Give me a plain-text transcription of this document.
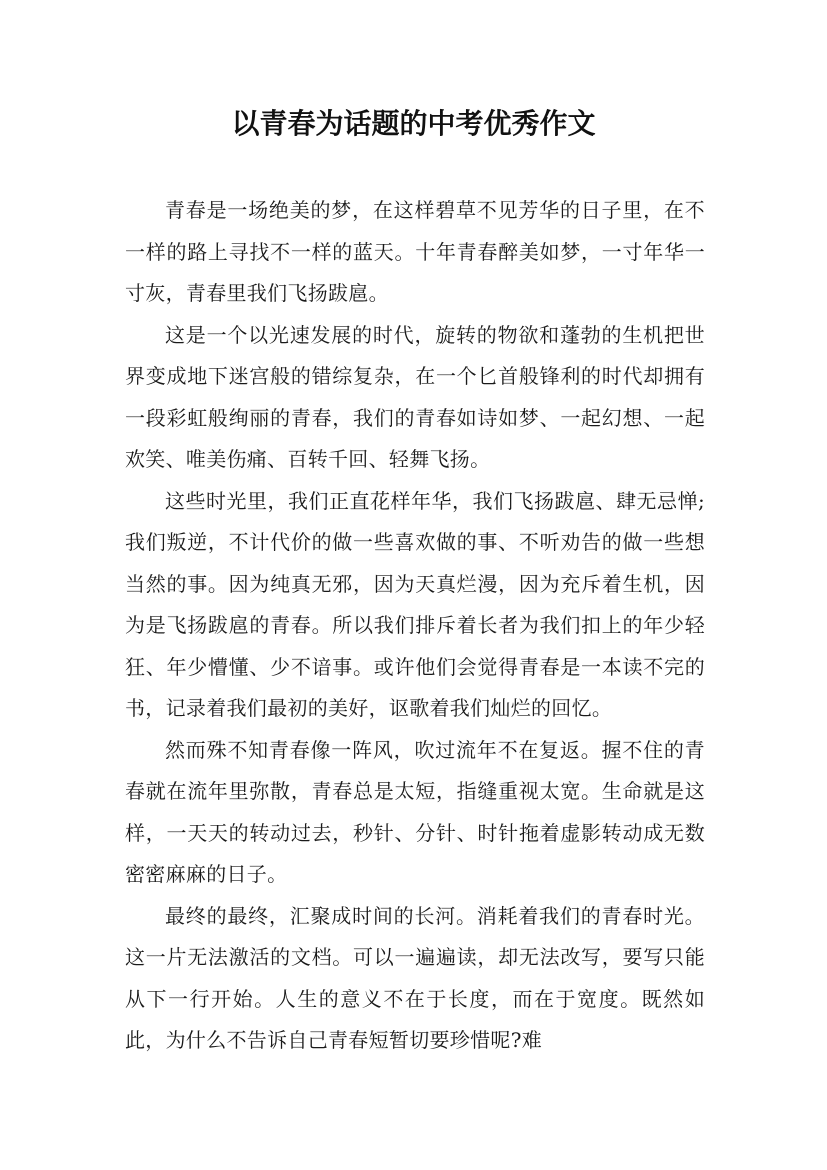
以青春为话题的中考优秀作文

青春是一场绝美的梦，在这样碧草不见芳华的日子里，在不一样的路上寻找不一样的蓝天。十年青春醉美如梦，一寸年华一寸灰，青春里我们飞扬跋扈。

这是一个以光速发展的时代，旋转的物欲和蓬勃的生机把世界变成地下迷宫般的错综复杂，在一个匕首般锋利的时代却拥有一段彩虹般绚丽的青春，我们的青春如诗如梦、一起幻想、一起欢笑、唯美伤痛、百转千回、轻舞飞扬。

这些时光里，我们正直花样年华，我们飞扬跋扈、肆无忌惮;我们叛逆，不计代价的做一些喜欢做的事、不听劝告的做一些想当然的事。因为纯真无邪，因为天真烂漫，因为充斥着生机，因为是飞扬跋扈的青春。所以我们排斥着长者为我们扣上的年少轻狂、年少懵懂、少不谙事。或许他们会觉得青春是一本读不完的书，记录着我们最初的美好，讴歌着我们灿烂的回忆。

然而殊不知青春像一阵风，吹过流年不在复返。握不住的青春就在流年里弥散，青春总是太短，指缝重视太宽。生命就是这样，一天天的转动过去，秒针、分针、时针拖着虚影转动成无数密密麻麻的日子。

最终的最终，汇聚成时间的长河。消耗着我们的青春时光。这一片无法激活的文档。可以一遍遍读，却无法改写，要写只能从下一行开始。人生的意义不在于长度，而在于宽度。既然如此，为什么不告诉自己青春短暂切要珍惜呢?难
